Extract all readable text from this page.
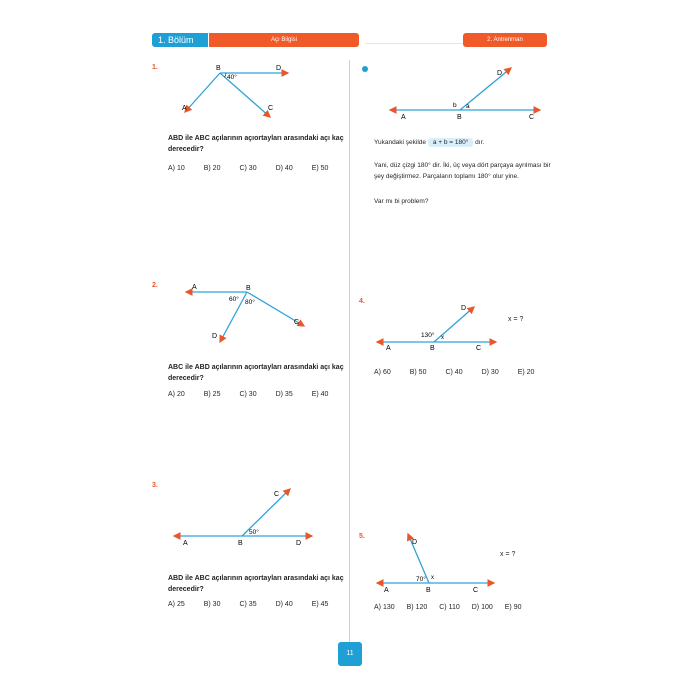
1. Bölüm	Açı Bilgisi	2. Antrenman
1.	B	D
A	C
40°
ABD ile ABC açılarının açıortayları arasındaki açı kaç derecedir?
A) 10	B) 20	C) 30	D) 40	E) 50
2.	A	B
C
D
60° 80°
ABC ile ABD açılarının açıortayları arasındaki açı kaç derecedir?
A) 20	B) 25	C) 30	D) 35	E) 40
3.
A	B	D
C
50°
ABD ile ABC açılarının açıortayları arasındaki açı kaç derecedir?
A) 25	B) 30	C) 35	D) 40	E) 45
A	B	C
D
b a
Yukandaki şekilde a + b = 180° dır.
Yani, düz çizgi 180° dir. İki, üç veya dört parçaya ayrılması bir şey değiştirmez. Parçaların toplamı 180° olur yine.
Var mı bi problem?
4.
A	B	C
D
130° x
x = ?
A) 60	B) 50	C) 40	D) 30	E) 20
5.
A	B	C
D
70° x
x = ?
A) 130 B) 120 C) 110 D) 100 E) 90
11
